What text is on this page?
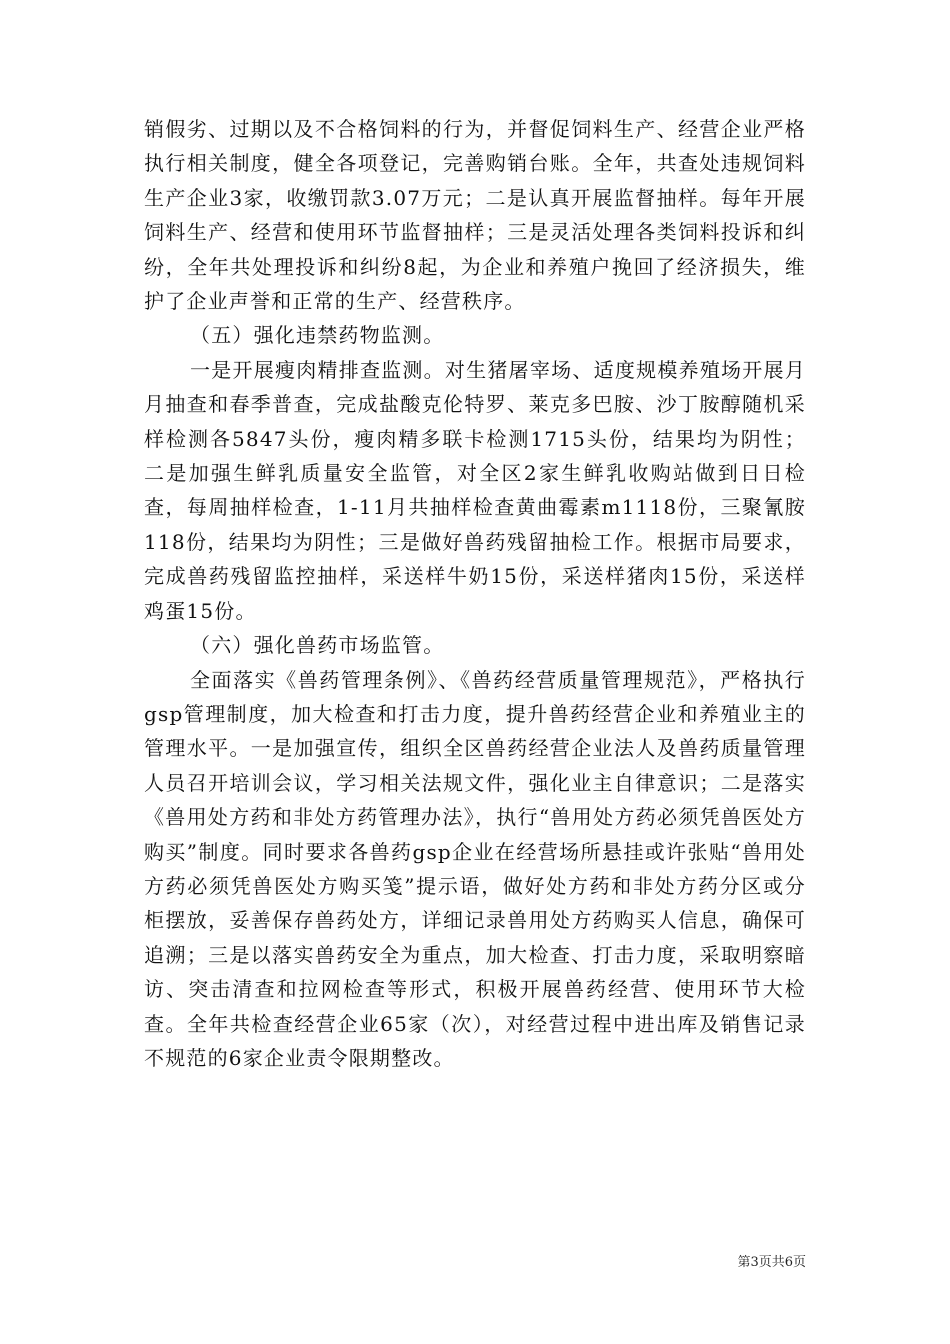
销假劣、过期以及不合格饲料的行为，并督促饲料生产、经营企业严格执行相关制度，健全各项登记，完善购销台账。全年，共查处违规饲料生产企业3家，收缴罚款3.07万元；二是认真开展监督抽样。每年开展饲料生产、经营和使用环节监督抽样；三是灵活处理各类饲料投诉和纠纷，全年共处理投诉和纠纷8起，为企业和养殖户挽回了经济损失，维护了企业声誉和正常的生产、经营秩序。

（五）强化违禁药物监测。

一是开展瘦肉精排查监测。对生猪屠宰场、适度规模养殖场开展月月抽查和春季普查，完成盐酸克伦特罗、莱克多巴胺、沙丁胺醇随机采样检测各5847头份，瘦肉精多联卡检测1715头份，结果均为阴性；二是加强生鲜乳质量安全监管，对全区2家生鲜乳收购站做到日日检查，每周抽样检查，1-11月共抽样检查黄曲霉素m1118份，三聚氰胺118份，结果均为阴性；三是做好兽药残留抽检工作。根据市局要求，完成兽药残留监控抽样，采送样牛奶15份，采送样猪肉15份，采送样鸡蛋15份。

（六）强化兽药市场监管。

全面落实《兽药管理条例》、《兽药经营质量管理规范》，严格执行gsp管理制度，加大检查和打击力度，提升兽药经营企业和养殖业主的管理水平。一是加强宣传，组织全区兽药经营企业法人及兽药质量管理人员召开培训会议，学习相关法规文件，强化业主自律意识；二是落实《兽用处方药和非处方药管理办法》，执行“兽用处方药必须凭兽医处方购买”制度。同时要求各兽药gsp企业在经营场所悬挂或许张贴“兽用处方药必须凭兽医处方购买笺”提示语，做好处方药和非处方药分区或分柜摆放，妥善保存兽药处方，详细记录兽用处方药购买人信息，确保可追溯；三是以落实兽药安全为重点，加大检查、打击力度，采取明察暗访、突击清查和拉网检查等形式，积极开展兽药经营、使用环节大检查。全年共检查经营企业65家（次），对经营过程中进出库及销售记录不规范的6家企业责令限期整改。

第3页共6页
